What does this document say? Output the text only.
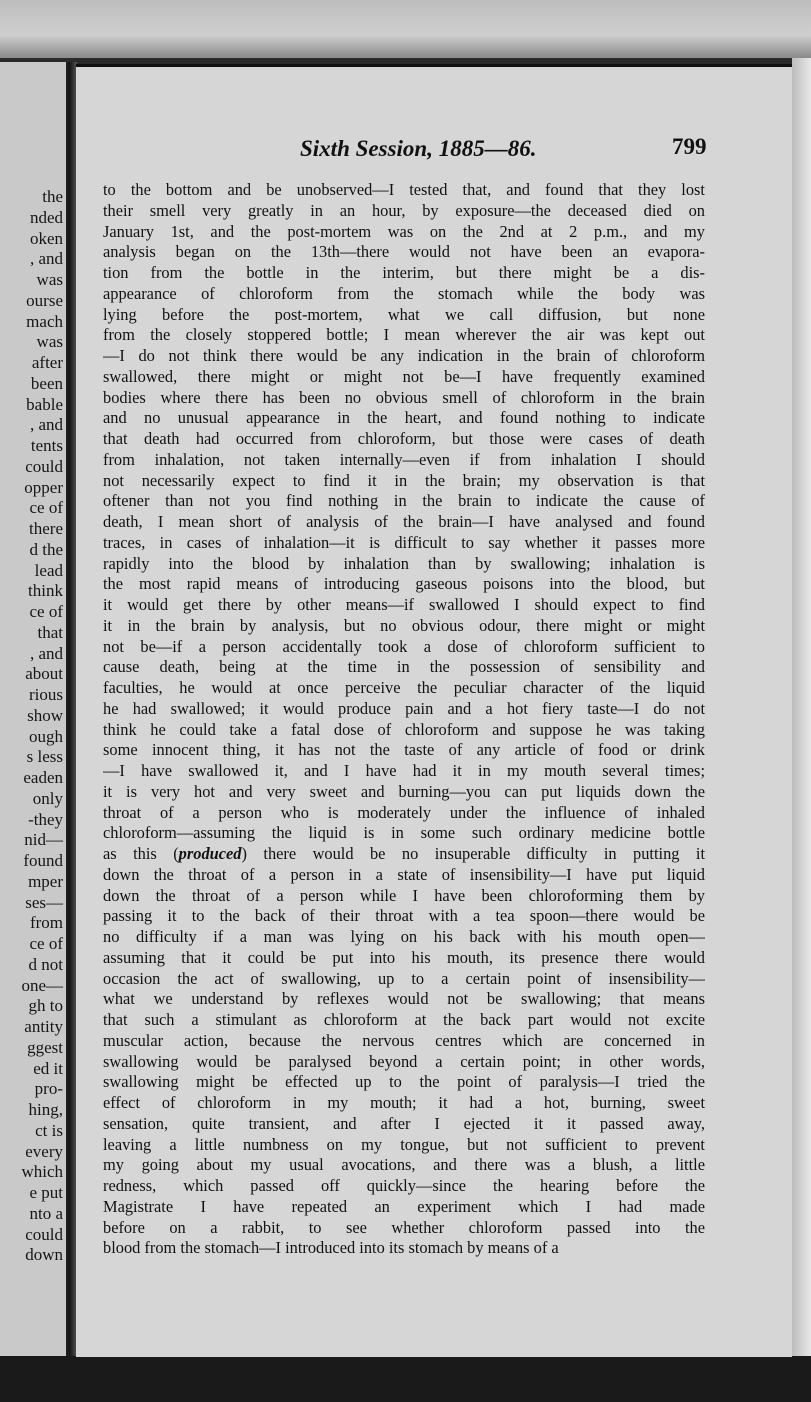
the
nded
oken
, and
was
ourse
mach
was
after
been
bable
, and
tents
could
opper
ce of
there
d the
lead
think
ce of
that
, and
about
rious
show
ough
s less
eaden
only
-they
nid—
found
mper
ses—
from
ce of
d not
one—
gh to
antity
ggest
ed it
pro-
hing,
ct is
every
which
e put
nto a
could
down
Sixth Session, 1885—86.	799
to the bottom and be unobserved—I tested that, and found that they lost
their smell very greatly in an hour, by exposure—the deceased died on
January 1st, and the post-mortem was on the 2nd at 2 p.m., and my
analysis began on the 13th—there would not have been an evapora-
tion from the bottle in the interim, but there might be a dis-
appearance of chloroform from the stomach while the body was
lying before the post-mortem, what we call diffusion, but none
from the closely stoppered bottle; I mean wherever the air was kept out
—I do not think there would be any indication in the brain of chloroform
swallowed, there might or might not be—I have frequently examined
bodies where there has been no obvious smell of chloroform in the brain
and no unusual appearance in the heart, and found nothing to indicate
that death had occurred from chloroform, but those were cases of death
from inhalation, not taken internally—even if from inhalation I should
not necessarily expect to find it in the brain; my observation is that
oftener than not you find nothing in the brain to indicate the cause of
death, I mean short of analysis of the brain—I have analysed and found
traces, in cases of inhalation—it is difficult to say whether it passes more
rapidly into the blood by inhalation than by swallowing; inhalation is
the most rapid means of introducing gaseous poisons into the blood, but
it would get there by other means—if swallowed I should expect to find
it in the brain by analysis, but no obvious odour, there might or might
not be—if a person accidentally took a dose of chloroform sufficient to
cause death, being at the time in the possession of sensibility and
faculties, he would at once perceive the peculiar character of the liquid
he had swallowed; it would produce pain and a hot fiery taste—I do not
think he could take a fatal dose of chloroform and suppose he was taking
some innocent thing, it has not the taste of any article of food or drink
—I have swallowed it, and I have had it in my mouth several times;
it is very hot and very sweet and burning—you can put liquids down the
throat of a person who is moderately under the influence of inhaled
chloroform—assuming the liquid is in some such ordinary medicine bottle
as this (produced) there would be no insuperable difficulty in putting it
down the throat of a person in a state of insensibility—I have put liquid
down the throat of a person while I have been chloroforming them by
passing it to the back of their throat with a tea spoon—there would be
no difficulty if a man was lying on his back with his mouth open—
assuming that it could be put into his mouth, its presence there would
occasion the act of swallowing, up to a certain point of insensibility—
what we understand by reflexes would not be swallowing; that means
that such a stimulant as chloroform at the back part would not excite
muscular action, because the nervous centres which are concerned in
swallowing would be paralysed beyond a certain point; in other words,
swallowing might be effected up to the point of paralysis—I tried the
effect of chloroform in my mouth; it had a hot, burning, sweet
sensation, quite transient, and after I ejected it it passed away,
leaving a little numbness on my tongue, but not sufficient to prevent
my going about my usual avocations, and there was a blush, a little
redness, which passed off quickly—since the hearing before the
Magistrate I have repeated an experiment which I had made
before on a rabbit, to see whether chloroform passed into the
blood from the stomach—I introduced into its stomach by means of a
